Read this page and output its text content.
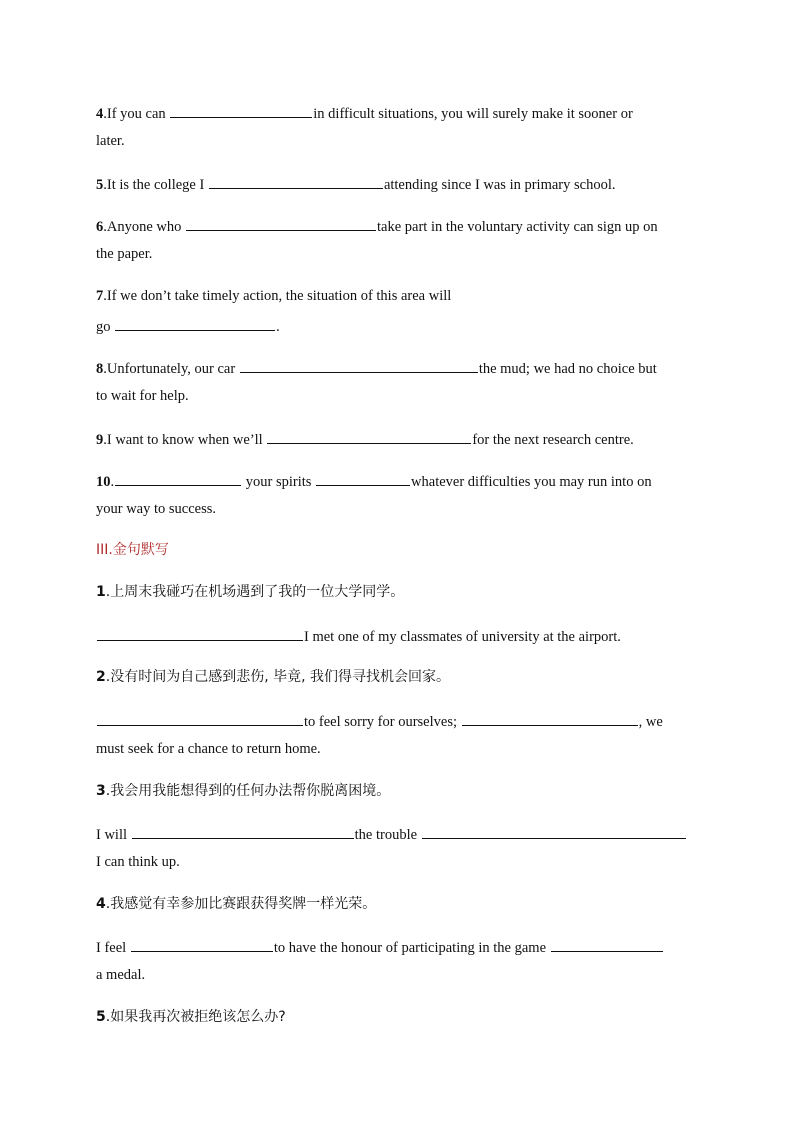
4.If you can	in difficult situations, you will surely make it sooner or
later.
5.It is the college I	attending since I was in primary school.
6.Anyone who	take part in the voluntary activity can sign up on
the paper.
7.If we don’t take timely action, the situation of this area will
go	.
8.Unfortunately, our car	the mud; we had no choice but
to wait for help.
9.I want to know when we’ll	for the next research centre.
10.	your spirits	whatever difficulties you may run into on
your way to success.
III.金句默写
1.上周末我碰巧在机场遇到了我的一位大学同学。
I met one of my classmates of university at the airport.
2.没有时间为自己感到悲伤, 毕竟, 我们得寻找机会回家。
to feel sorry for ourselves;	, we
must seek for a chance to return home.
3.我会用我能想得到的任何办法帮你脱离困境。
I will	the trouble
I can think up.
4.我感觉有幸参加比赛跟获得奖牌一样光荣。
I feel	to have the honour of participating in the game
a medal.
5.如果我再次被拒绝该怎么办?
